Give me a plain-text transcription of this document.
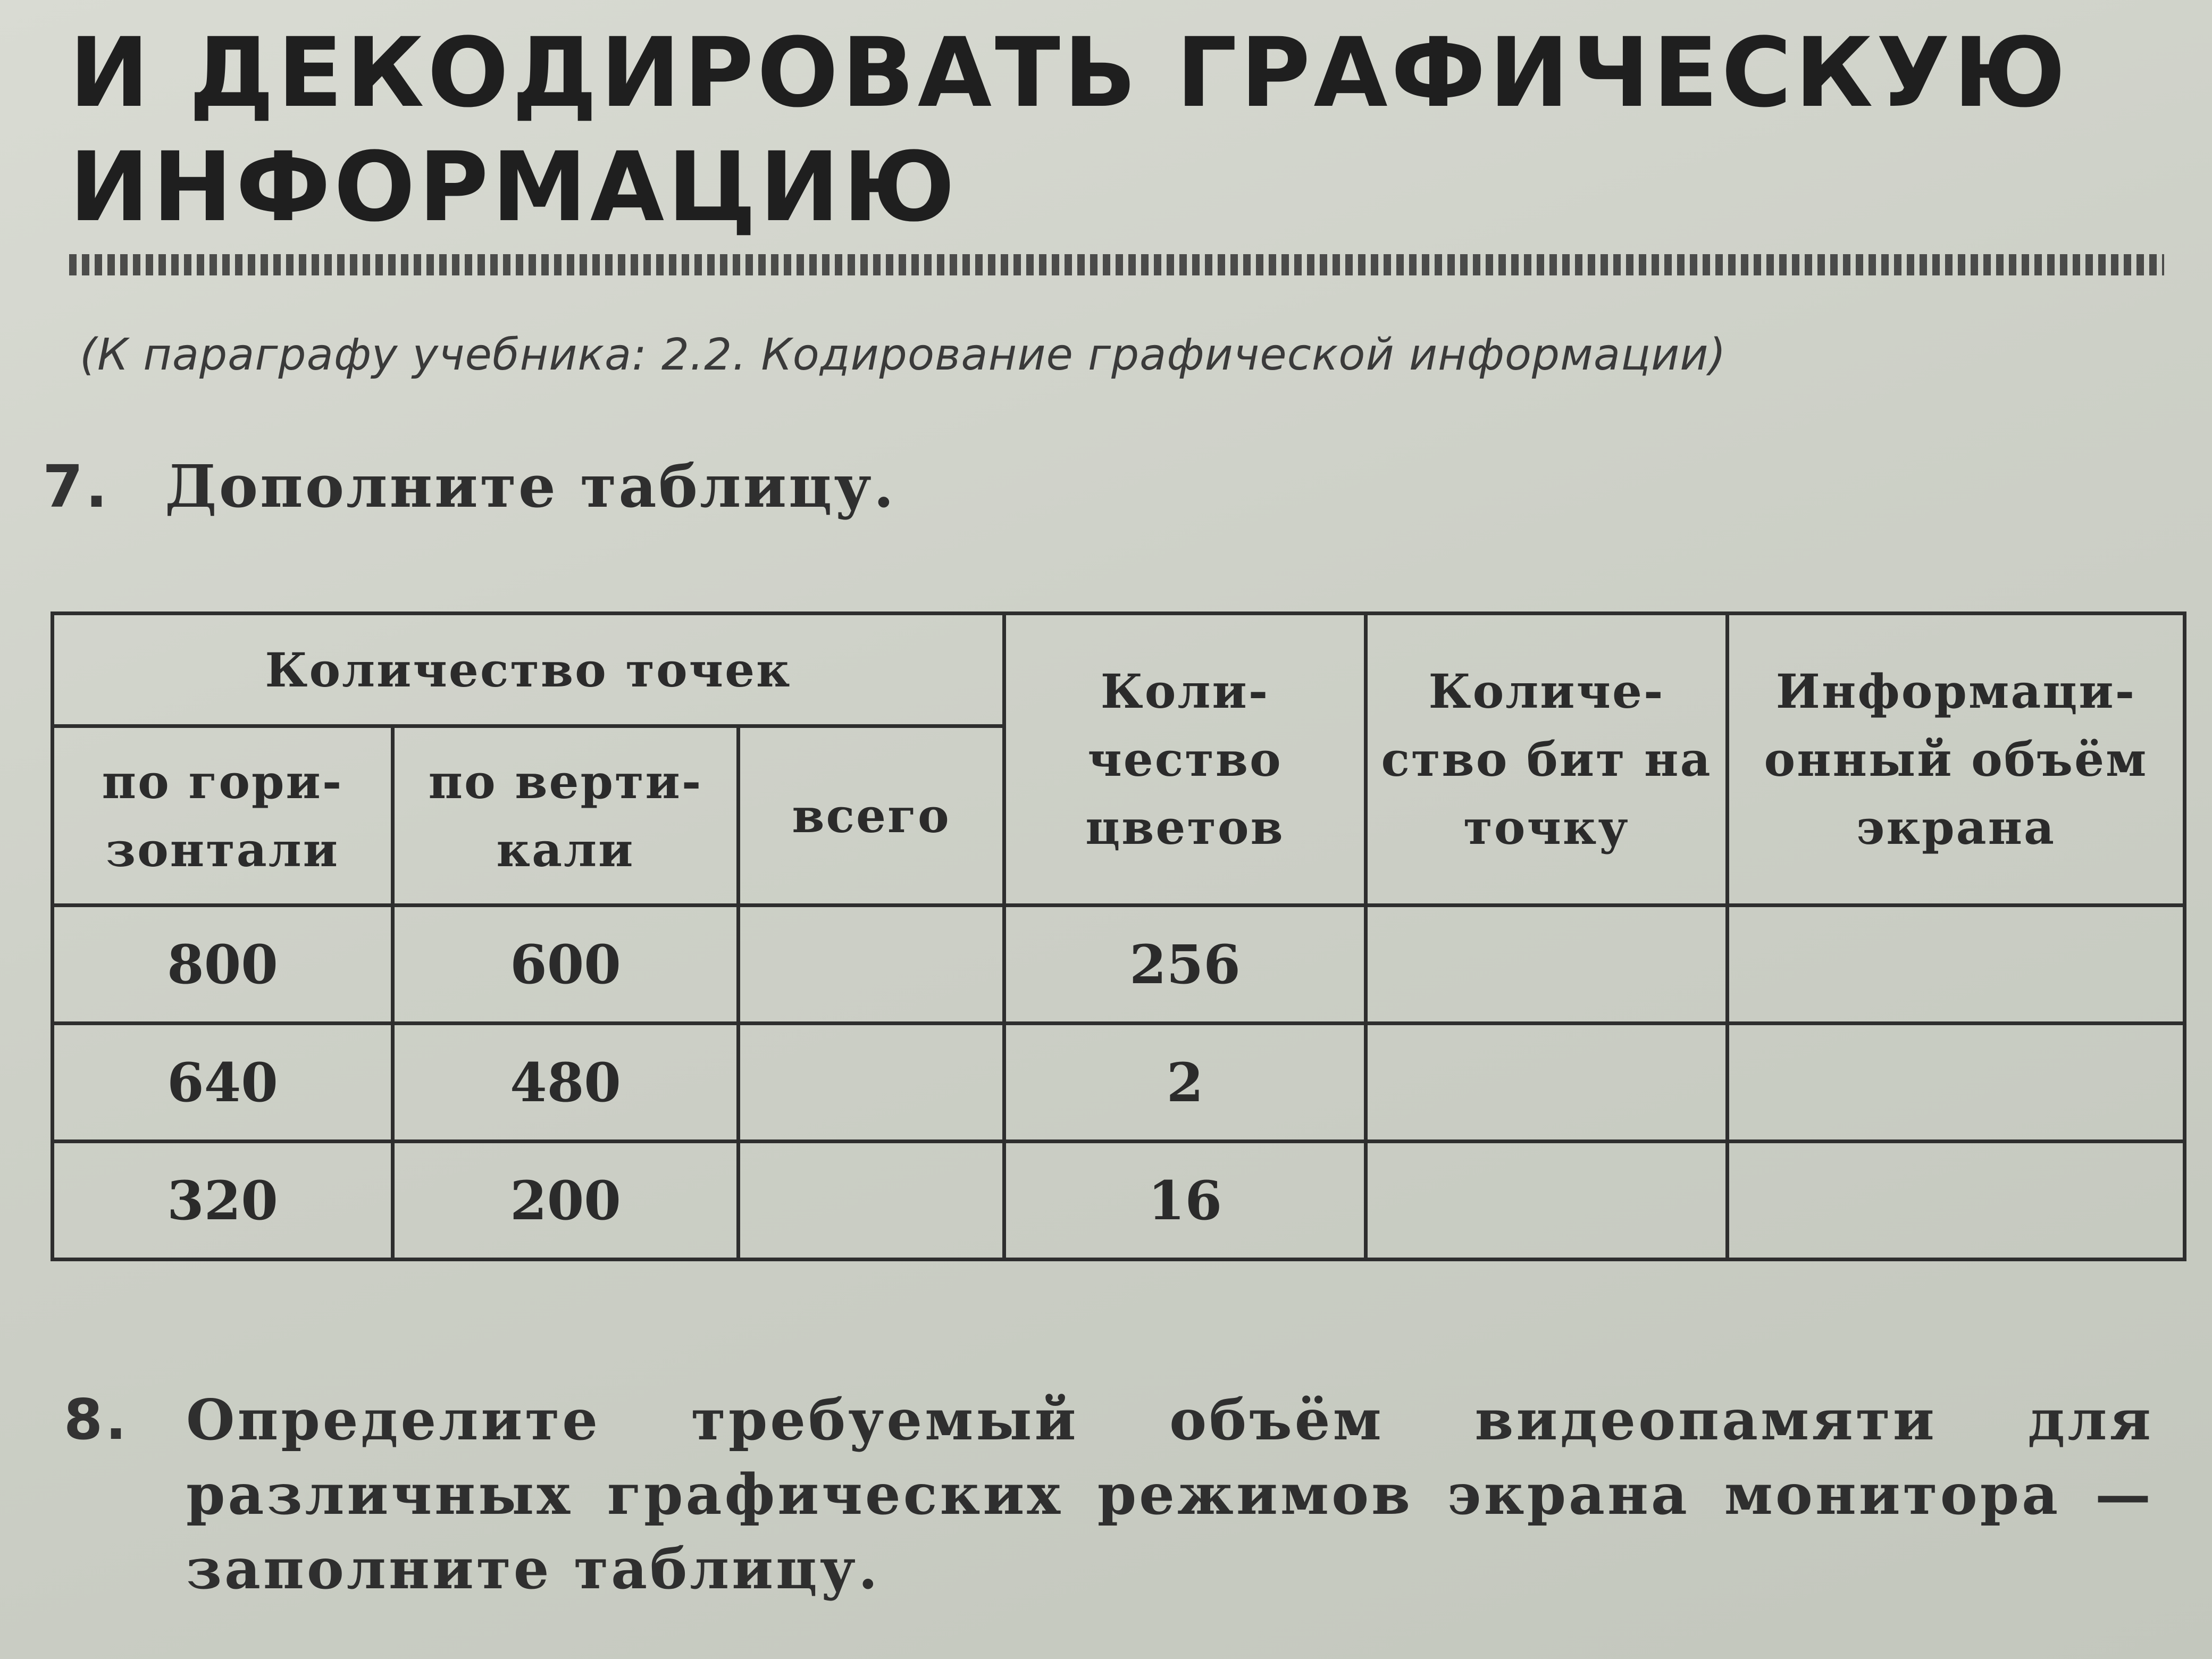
И ДЕКОДИРОВАТЬ ГРАФИЧЕСКУЮ
ИНФОРМАЦИЮ
(К параграфу учебника: 2.2. Кодирование графической информации)
7. Дополните таблицу.
Количество точек			Коли-чество цветов	Количе-ство бит на точку	Информаци-онный объём экрана
по гори-зонтали	по верти-кали	всего			
800	600		256		
640	480		2		
320	200		16		
8. Определите требуемый объём видеопамяти для различных графических режимов экрана монитора — заполните таблицу.
